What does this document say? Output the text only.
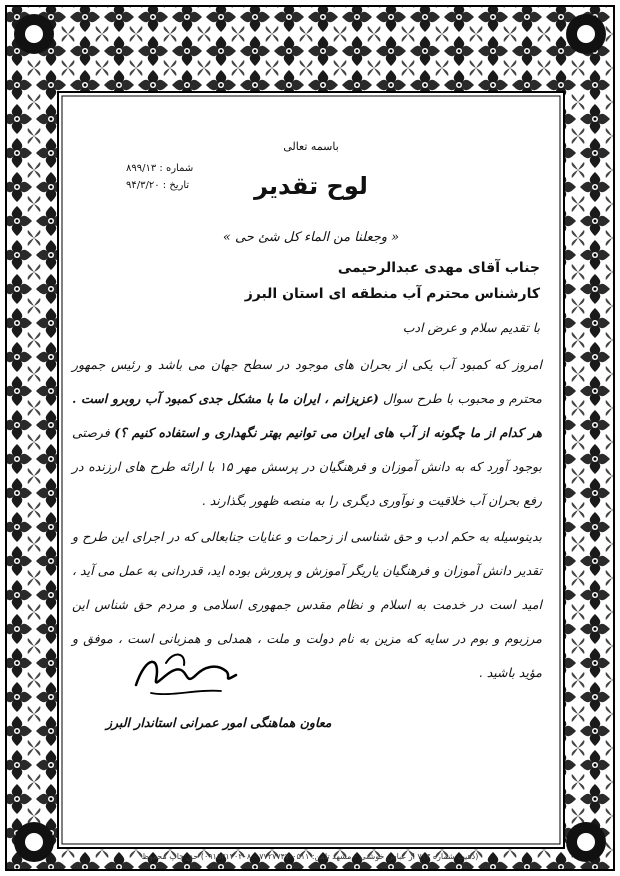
باسمه تعالی
شماره : ۸۹۹/۱۳
تاریخ : ۹۴/۳/۲۰	لوح تقدیر
« وجعلنا من الماء کل شئ حی »
جناب آقای مهدی عبدالرحیمی
کارشناس محترم آب منطقه ای استان البرز
با تقدیم سلام و عرض ادب
امروز که کمبود آب یکی از بحران های موجود در سطح جهان می باشد و رئیس جمهور محترم و محبوب با طرح سوال (عزیزانم ، ایران ما با مشکل جدی کمبود آب روبرو است . هر کدام از ما چگونه از آب های ایران می توانیم بهتر نگهداری و استفاده کنیم ؟) فرصتی بوجود آورد که به دانش آموزان و فرهنگیان در پرسش مهر ۱۵ با ارائه طرح های ارزنده در رفع بحران آب خلاقیت و نوآوری دیگری را به منصه ظهور بگذارند .
بدینوسیله به حکم ادب و حق شناسی از زحمات و عنایات جنابعالی که در اجرای این طرح و تقدیر دانش آموزان و فرهنگیان یاریگر آموزش و پرورش بوده اید، قدردانی به عمل می آید ، امید است در خدمت به اسلام و نظام مقدس جمهوری اسلامی و مردم حق شناس این مرزبوم و بوم در سایه که مزین به نام دولت و ملت ، همدلی و همزبانی است ، موفق و مؤید باشید .
معاون هماهنگی امور عمرانی استاندار البرز
(ذهیب شماره ۷۱۳ از عباس خوشنی - مشهد تلفن: ۰۵۱۱-۷۷۲۷۷۴۷ - ۰۹۱۵۳۱۳۰۲۰۸) حق چاپ محفوظ
